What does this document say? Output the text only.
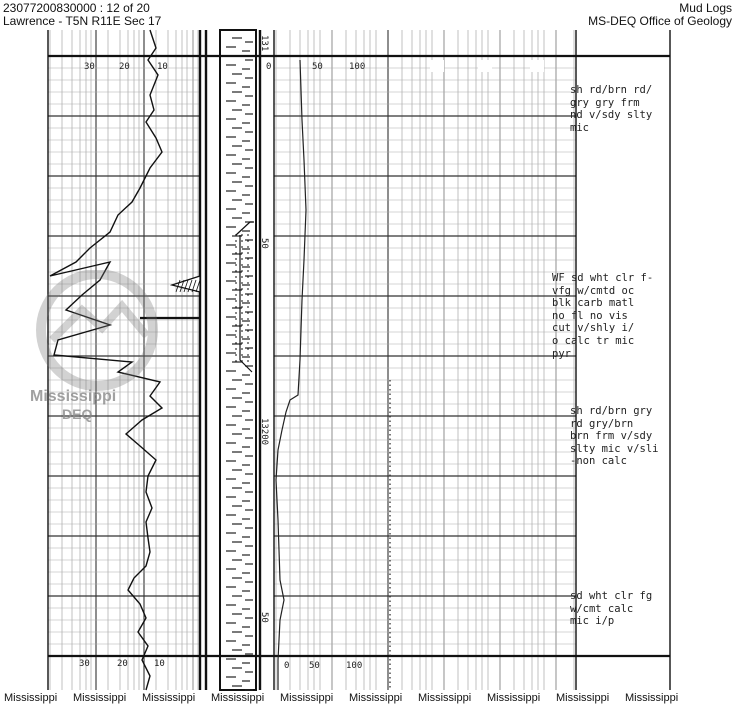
23077200830000 : 12 of 20
Lawrence - T5N R11E Sec 17
Mud Logs
MS-DEQ Office of Geology
30	20	10
30	20	10
0	50	100
0 50	100
131
50
13200
50
Mississippi
DEQ
sh rd/brn rd/
gry gry frm
nd v/sdy slty
mic
WF sd wht clr f-
vfg w/cmtd oc
blk carb matl
no fl no vis
cut v/shly i/
o calc tr mic
pyr
sh rd/brn gry
rd gry/brn
brn frm v/sdy
slty mic v/sli
-non calc
sd wht clr fg
w/cmt calc
mic i/p
Mississippi Mississippi Mississippi Mississippi Mississippi Mississippi Mississippi Mississippi Mississippi Mississippi
